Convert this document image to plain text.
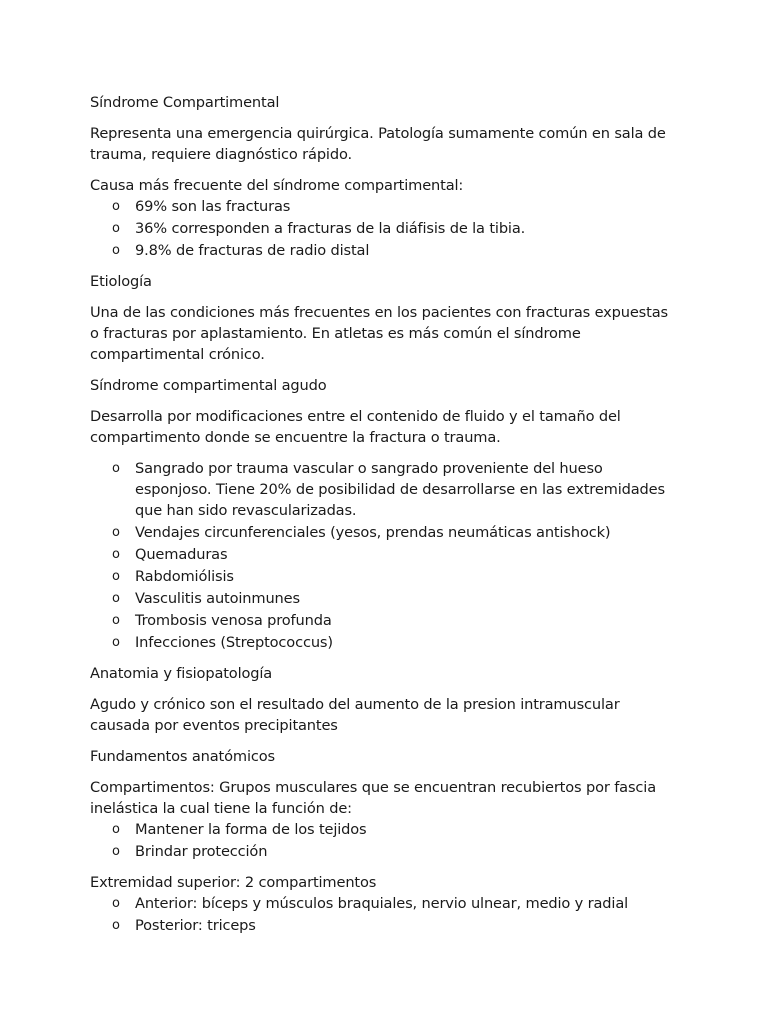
Síndrome Compartimental
Representa una emergencia quirúrgica. Patología sumamente común en sala de trauma, requiere diagnóstico rápido.
Causa más frecuente del síndrome compartimental:
o 69% son las fracturas
o 36% corresponden a fracturas de la diáfisis de la tibia.
o 9.8% de fracturas de radio distal
Etiología
Una de las condiciones más frecuentes en los pacientes con fracturas expuestas o fracturas por aplastamiento. En atletas es más común el síndrome compartimental crónico.
Síndrome compartimental agudo
Desarrolla por modificaciones entre el contenido de fluido y el tamaño del compartimento donde se encuentre la fractura o trauma.
o Sangrado por trauma vascular o sangrado proveniente del hueso esponjoso. Tiene 20% de posibilidad de desarrollarse en las extremidades que han sido revascularizadas.
o Vendajes circunferenciales (yesos, prendas neumáticas antishock)
o Quemaduras
o Rabdomiólisis
o Vasculitis autoinmunes
o Trombosis venosa profunda
o Infecciones (Streptococcus)
Anatomia y fisiopatología
Agudo y crónico son el resultado del aumento de la presion intramuscular causada por eventos precipitantes
Fundamentos anatómicos
Compartimentos: Grupos musculares que se encuentran recubiertos por fascia inelástica la cual tiene la función de:
o Mantener la forma de los tejidos
o Brindar protección
Extremidad superior: 2 compartimentos
o Anterior: bíceps y músculos braquiales, nervio ulnear, medio y radial
o Posterior: triceps
